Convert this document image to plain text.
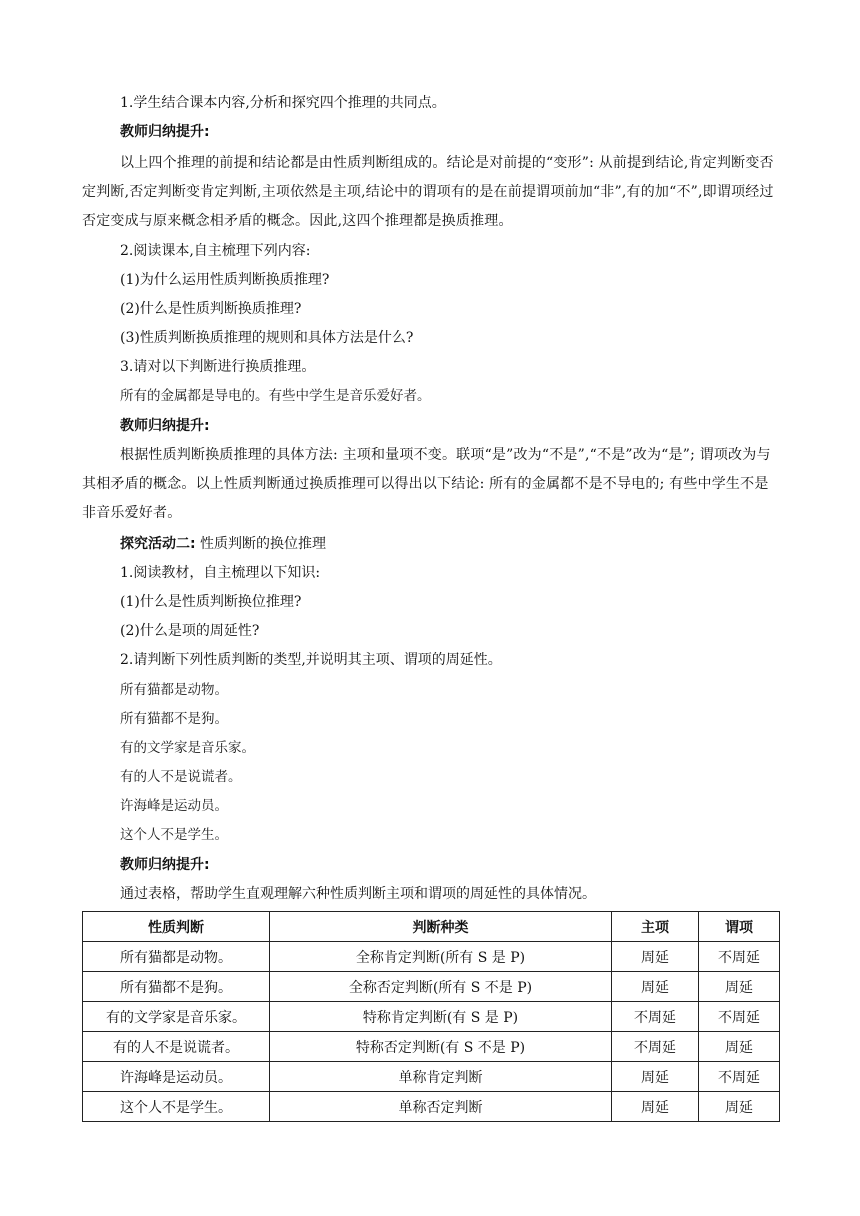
1.学生结合课本内容,分析和探究四个推理的共同点。

教师归纳提升:

以上四个推理的前提和结论都是由性质判断组成的。结论是对前提的“变形”: 从前提到结论,肯定判断变否定判断,否定判断变肯定判断,主项依然是主项,结论中的谓项有的是在前提谓项前加“非”,有的加“不”,即谓项经过否定变成与原来概念相矛盾的概念。因此,这四个推理都是换质推理。

2.阅读课本,自主梳理下列内容:

(1)为什么运用性质判断换质推理?

(2)什么是性质判断换质推理?

(3)性质判断换质推理的规则和具体方法是什么?

3.请对以下判断进行换质推理。

所有的金属都是导电的。有些中学生是音乐爱好者。

教师归纳提升:

根据性质判断换质推理的具体方法: 主项和量项不变。联项“是”改为“不是”,“不是”改为“是”; 谓项改为与其相矛盾的概念。以上性质判断通过换质推理可以得出以下结论: 所有的金属都不是不导电的; 有些中学生不是非音乐爱好者。

探究活动二: 性质判断的换位推理

1.阅读教材，自主梳理以下知识:

(1)什么是性质判断换位推理?

(2)什么是项的周延性?

2.请判断下列性质判断的类型,并说明其主项、谓项的周延性。

所有猫都是动物。

所有猫都不是狗。

有的文学家是音乐家。

有的人不是说谎者。

许海峰是运动员。

这个人不是学生。

教师归纳提升:

通过表格，帮助学生直观理解六种性质判断主项和谓项的周延性的具体情况。

性质判断	判断种类	主项	谓项
所有猫都是动物。	全称肯定判断(所有 S 是 P)	周延	不周延
所有猫都不是狗。	全称否定判断(所有 S 不是 P)	周延	周延
有的文学家是音乐家。	特称肯定判断(有 S 是 P)	不周延	不周延
有的人不是说谎者。	特称否定判断(有 S 不是 P)	不周延	周延
许海峰是运动员。	单称肯定判断	周延	不周延
这个人不是学生。	单称否定判断	周延	周延
